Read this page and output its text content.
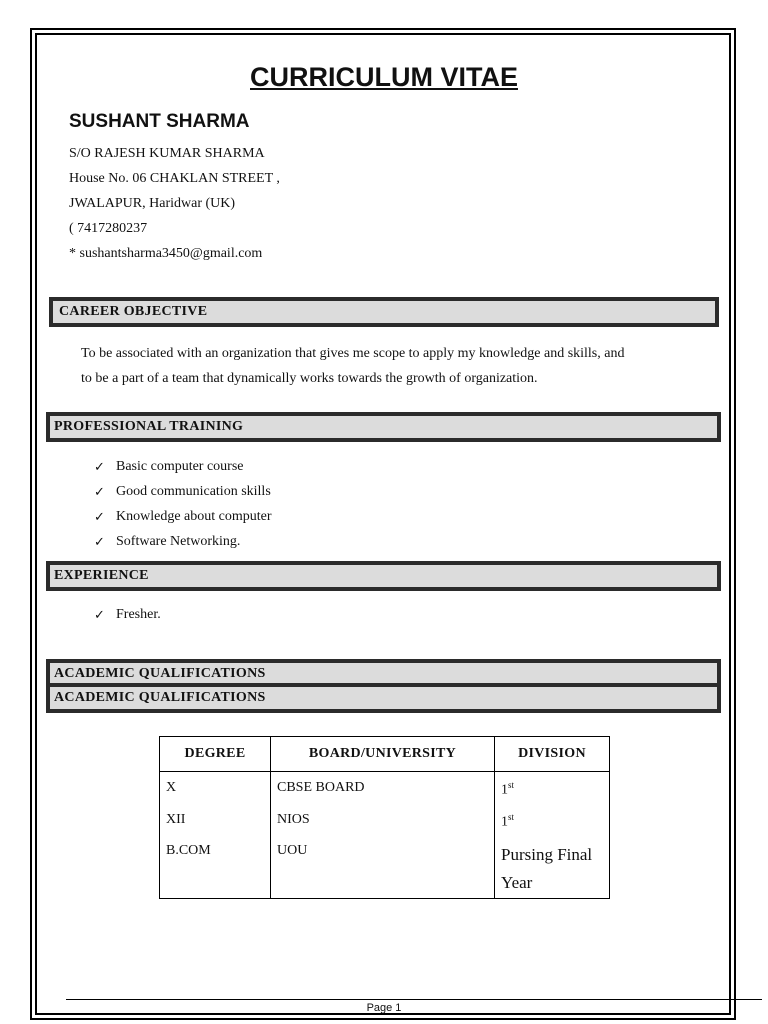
CURRICULUM VITAE
SUSHANT SHARMA
S/O RAJESH KUMAR SHARMA
House No. 06 CHAKLAN STREET ,
JWALAPUR, Haridwar (UK)
( 7417280237
* sushantsharma3450@gmail.com
CAREER OBJECTIVE
To be associated with an organization that gives me scope to apply my knowledge and skills, and
to be a part of a team that dynamically works towards the growth of organization.
PROFESSIONAL TRAINING
✓ Basic computer course
✓ Good communication skills
✓ Knowledge about computer
✓ Software Networking.
EXPERIENCE
✓ Fresher.
ACADEMIC QUALIFICATIONS
ACADEMIC QUALIFICATIONS
DEGREE	BOARD/UNIVERSITY	DIVISION
X	CBSE BOARD	1st
XII	NIOS	1st
B.COM	UOU	Pursing Final Year
Page 1
